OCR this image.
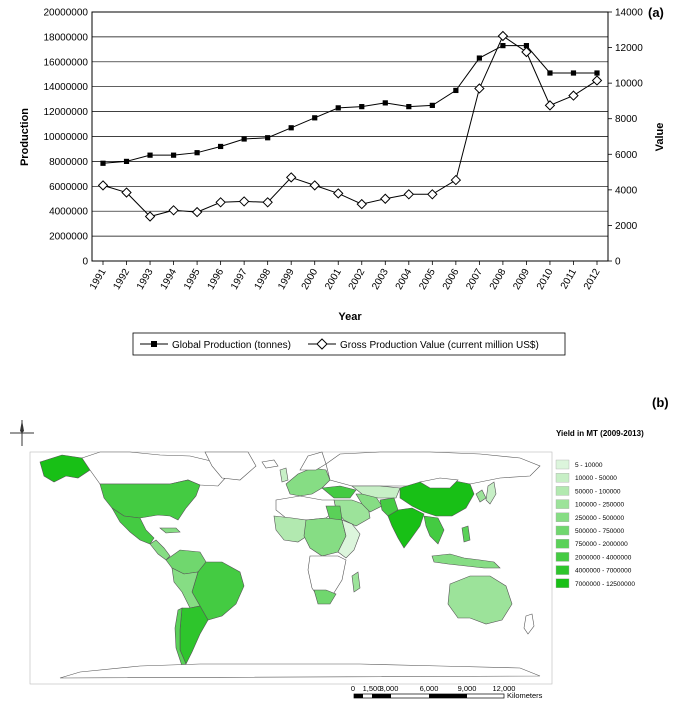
(a)
0
2000000
4000000
6000000
8000000
10000000
12000000
14000000
16000000
18000000
20000000
0
2000
4000
6000
8000
10000
12000
14000
1991 1992 1993 1994 1995 1996 1997 1998 1999 2000 2001 2002 2003 2004 2005 2006 2007 2008 2009 2010 2011 2012
Production	Value
Year
Global Production (tonnes)	Gross Production Value (current million US$)
(b)
Yield in MT (2009-2013)
5 - 10000
10000 - 50000
50000 - 100000
100000 - 250000
250000 - 500000
500000 - 750000
750000 - 2000000
2000000 - 4000000
4000000 - 7000000
7000000 - 12500000
0 1,500
3,000	6,000	9,000 12,000
Kilometers
